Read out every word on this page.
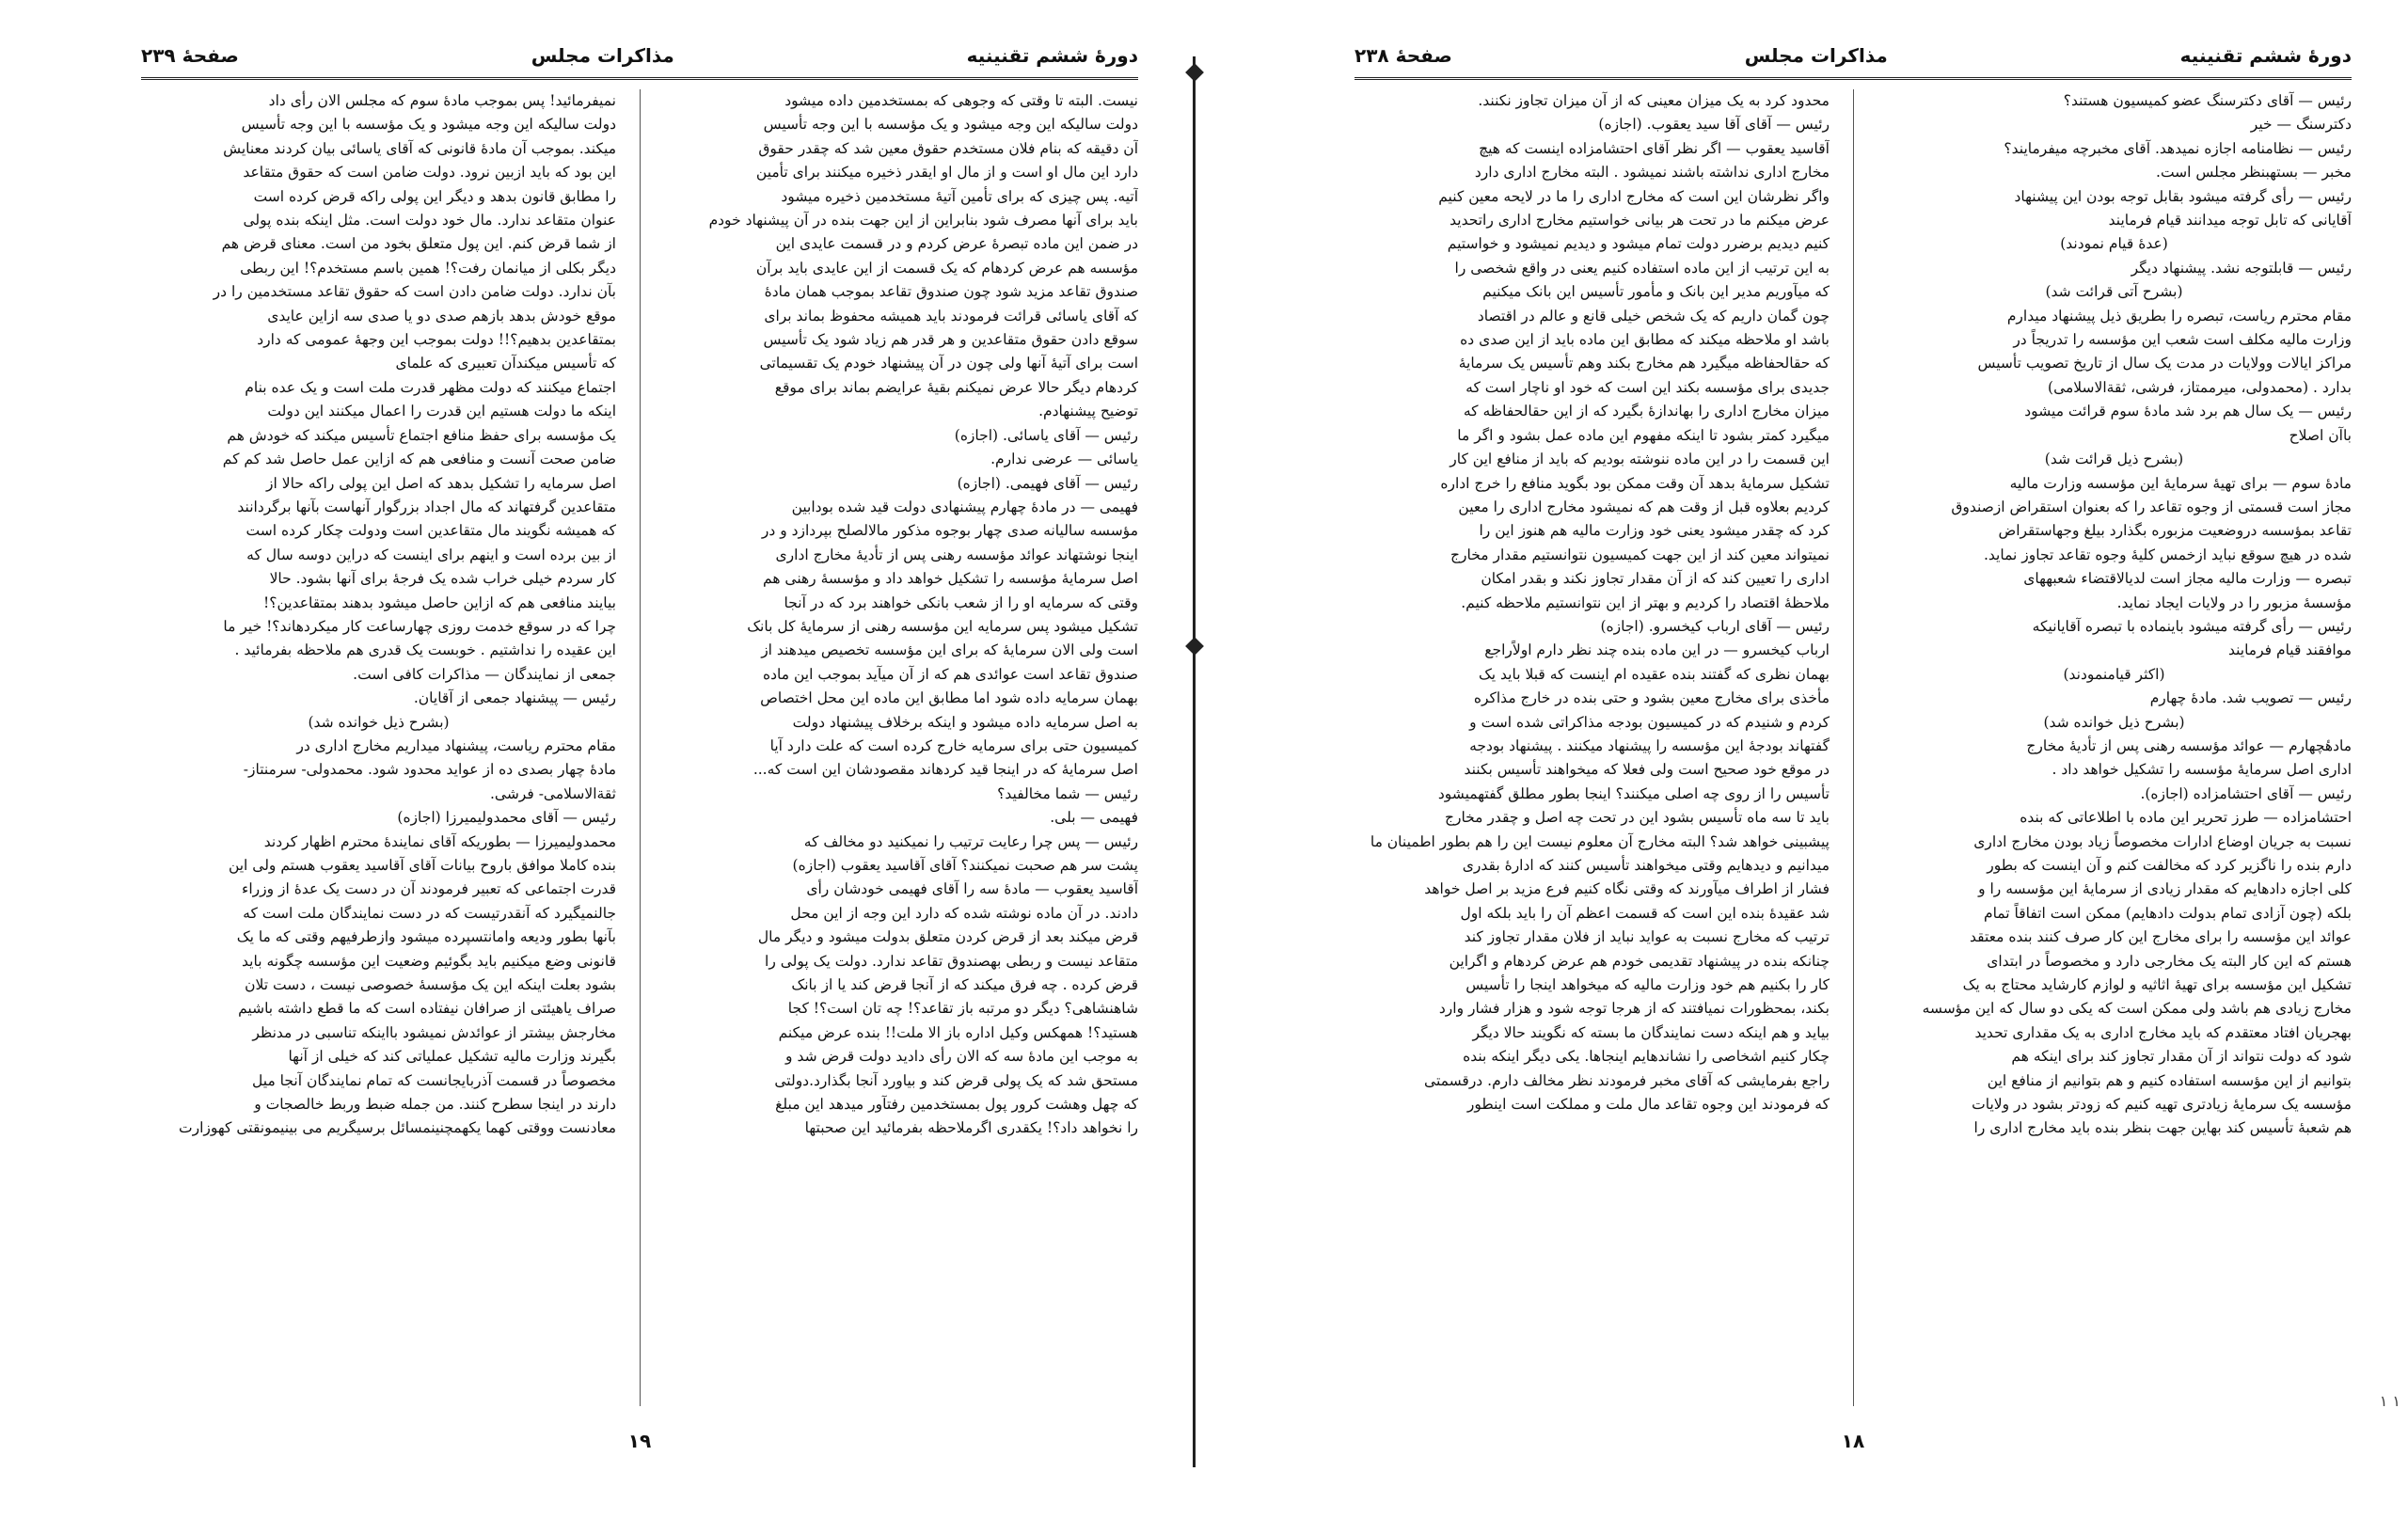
دورهٔ ششم تقنینیه
مذاکرات مجلس
صفحهٔ ۲۳۹

نیست. البته تا وقتی که وجوهی که بمستخدمین داده میشود

دولت سالیکه این وجه میشود و یک مؤسسه با این وجه تأسیس

آن دقیقه که بنام فلان مستخدم حقوق معین شد که چقدر حقوق

دارد این مال او است و از مال او ایقدر ذخیره میکنند برای تأمین

آتیه. پس چیزی که برای تأمین آتیهٔ مستخدمین ذخیره میشود

باید برای آنها مصرف شود بنابراین از این جهت بنده در آن پیشنهاد خودم

در ضمن این ماده تبصرهٔ عرض کردم و در قسمت عایدی این

مؤسسه هم عرض کردهام که یک قسمت از این عایدی باید برآن

صندوق تقاعد مزید شود چون صندوق تقاعد بموجب همان مادهٔ

که آقای یاسائی قرائت فرمودند باید همیشه محفوظ بماند برای

سوقع دادن حقوق متقاعدین و هر قدر هم زیاد شود یک تأسیس

است برای آتیهٔ آنها ولی چون در آن پیشنهاد خودم یک تقسیماتی

کردهام دیگر حالا عرض نمیکنم بقیهٔ عرایضم بماند برای موقع

توضیح پیشنهادم.

رئیس — آقای یاسائی. (اجازه)

یاسائی — عرضی ندارم.

رئیس — آقای فهیمی. (اجازه)

فهیمی — در مادهٔ چهارم پیشنهادی دولت قید شده بودابین

مؤسسه سالیانه صدی چهار بوجوه مذکور مالالصلح بپردازد و در

اینجا نوشتهاند عوائد مؤسسه رهنی پس از تأدیهٔ مخارج اداری

اصل سرمایهٔ مؤسسه را تشکیل خواهد داد و مؤسسهٔ رهنی هم

وقتی که سرمایه او را از شعب بانکی خواهند برد که در آنجا

تشکیل میشود پس سرمایه این مؤسسه رهنی از سرمایهٔ کل بانک

است ولی الان سرمایهٔ که برای این مؤسسه تخصیص میدهند از

صندوق تقاعد است عوائدی هم که از آن میآید بموجب این ماده

بهمان سرمایه داده شود اما مطابق این ماده این محل اختصاص

به اصل سرمایه داده میشود و اینکه برخلاف پیشنهاد دولت

کمیسیون حتی برای سرمایه خارج کرده است که علت دارد آیا

اصل سرمایهٔ که در اینجا قید کردهاند مقصودشان این است که...

رئیس — شما مخالفید؟

فهیمی — بلی.

رئیس — پس چرا رعایت ترتیب را نمیکنید دو مخالف که

پشت سر هم صحبت نمیکنند؟ آقای آقاسید یعقوب (اجازه)

آقاسید یعقوب — مادهٔ سه را آقای فهیمی خودشان رأی

دادند. در آن ماده نوشته شده که دارد این وجه از این محل

قرض میکند بعد از قرض کردن متعلق بدولت میشود و دیگر مال

متقاعد نیست و ربطی بهصندوق تقاعد ندارد. دولت یک پولی را

قرض کرده . چه فرق میکند که از آنجا قرض کند یا از بانک

شاهنشاهی؟ دیگر دو مرتبه باز تقاعد؟! چه تان است؟! کجا

هستید؟! همهکس وکیل اداره باز الا ملت!! بنده عرض میکنم

به موجب این مادهٔ سه که الان رأی دادید دولت قرض شد و

مستحق شد که یک پولی قرض کند و بیاورد آنجا بگذارد.دولتی

که چهل وهشت کرور پول بمستخدمین رفتآور میدهد این مبلغ

را نخواهد داد؟! یکقدری اگرملاحظه بفرمائید این صحبتها

نمیفرمائید! پس بموجب مادهٔ سوم که مجلس الان رأی داد

دولت سالیکه این وجه میشود و یک مؤسسه با این وجه تأسیس

میکند. بموجب آن مادهٔ قانونی که آقای یاسائی بیان کردند معنایش

این بود که باید ازبین نرود. دولت ضامن است که حقوق متقاعد

را مطابق قانون بدهد و دیگر این پولی راکه قرض کرده است

عنوان متقاعد ندارد. مال خود دولت است. مثل اینکه بنده پولی

از شما قرض کنم. این پول متعلق بخود من است. معنای قرض هم

دیگر بکلی از میانمان رفت؟! همین باسم مستخدم؟! این ربطی

بآن ندارد. دولت ضامن دادن است که حقوق تقاعد مستخدمین را در

موقع خودش بدهد بازهم صدی دو یا صدی سه ازاین عایدی

بمتقاعدین بدهیم؟!! دولت بموجب این وجههٔ عمومی که دارد

که تأسیس میکندآن تعبیری که علمای

اجتماع میکنند که دولت مظهر قدرت ملت است و یک عده بنام

اینکه ما دولت هستیم این قدرت را اعمال میکنند این دولت

یک مؤسسه برای حفظ منافع اجتماع تأسیس میکند که خودش هم

ضامن صحت آنست و منافعی هم که ازاین عمل حاصل شد کم کم

اصل سرمایه را تشکیل بدهد که اصل این پولی راکه حالا از

متقاعدین گرفتهاند که مال اجداد بزرگوار آنهاست بآنها برگردانند

که همیشه نگویند مال متقاعدین است ودولت چکار کرده است

از بین برده است و اینهم برای اینست که دراین دوسه سال که

کار سردم خیلی خراب شده یک فرجهٔ برای آنها بشود. حالا

بیایند منافعی هم که ازاین حاصل میشود بدهند بمتقاعدین؟!

چرا که در سوقع خدمت روزی چهارساعت کار میکردهاند؟! خیر ما

این عقیده را نداشتیم . خوبست یک قدری هم ملاحظه بفرمائید .

جمعی از نمایندگان — مذاکرات کافی است.

رئیس — پیشنهاد جمعی از آقایان.

(بشرح ذیل خوانده شد)

مقام محترم ریاست، پیشنهاد میداریم مخارج اداری در

مادهٔ چهار بصدی ده از عواید محدود شود. محمدولی- سرمنتاز-

ثقةالاسلامی- فرشی.

رئیس — آقای محمدولیمیرزا (اجازه)

محمدولیمیرزا — بطوریکه آقای نمایندهٔ محترم اظهار کردند

بنده کاملا موافق باروح بیانات آقای آقاسید یعقوب هستم ولی این

قدرت اجتماعی که تعبیر فرمودند آن در دست یک عدهٔ از وزراء

جالنمیگیرد که آنقدرتیست که در دست نمایندگان ملت است که

بآنها بطور ودیعه وامانتسپرده میشود وازطرفیهم وقتی که ما یک

قانونی وضع میکنیم باید بگوئیم وضعیت این مؤسسه چگونه باید

بشود بعلت اینکه این یک مؤسسهٔ خصوصی نیست ، دست تلان

صراف یاهیئتی از صرافان نیفتاده است که ما قطع داشته باشیم

مخارجش بیشتر از عوائدش نمیشود بااینکه تناسبی در مدنظر

بگیرند وزارت مالیه تشکیل عملیاتی کند که خیلی از آنها

مخصوصاً در قسمت آذربایجانست که تمام نمایندگان آنجا میل

دارند در اینجا سطرح کنند. من جمله ضبط وربط خالصجات و

معادنست ووقتی کهما یکهمچنینمسائل برسیگریم می بینیمونقتی کهوزارت

۱۹
دورهٔ ششم تقنینیه
مذاکرات مجلس
صفحهٔ ۲۳۸

رئیس — آقای دکترسنگ عضو کمیسیون هستند؟

دکترسنگ — خیر

رئیس — نظامنامه اجازه نمیدهد. آقای مخبرچه میفرمایند؟

مخبر — بستهبنظر مجلس است.

رئیس — رأی گرفته میشود بقابل توجه بودن این پیشنهاد

آقایانی که تابل توجه میدانند قیام فرمایند

(عدهٔ قیام نمودند)

رئیس — قابلتوجه نشد. پیشنهاد دیگر

(بشرح آتی قرائت شد)

مقام محترم ریاست، تبصره را بطریق ذیل پیشنهاد میدارم

وزارت مالیه مکلف است شعب این مؤسسه را تدریجاً در

مراکز ایالات وولایات در مدت یک سال از تاریخ تصویب تأسیس

بدارد . (محمدولی، میرممتاز، فرشی، ثقةالاسلامی)

رئیس — یک سال هم برد شد مادهٔ سوم قرائت میشود

باآن اصلاح

(بشرح ذیل قرائت شد)

مادهٔ سوم — برای تهیهٔ سرمایهٔ این مؤسسه وزارت مالیه

مجاز است قسمتی از وجوه تقاعد را که بعنوان استقراض ازصندوق

تقاعد بمؤسسه دروضعیت مزبوره بگذارد بیلغ وجهاستقراض

شده در هیچ سوقع نباید ازخمس کلیهٔ وجوه تقاعد تجاوز نماید.

تبصره — وزارت مالیه مجاز است لدیالاقتضاء شعبههای

مؤسسهٔ مزبور را در ولایات ایجاد نماید.

رئیس — رأی گرفته میشود باینماده با تبصره آقایانیکه

موافقند قیام فرمایند

(اکثر قیامنمودند)

رئیس — تصویب شد. مادهٔ چهارم

(بشرح ذیل خوانده شد)

مادهٔچهارم — عوائد مؤسسه رهنی پس از تأدیهٔ مخارج

اداری اصل سرمایهٔ مؤسسه را تشکیل خواهد داد .

رئیس — آقای احتشامزاده (اجازه).

احتشامزاده — طرز تحریر این ماده با اطلاعاتی که بنده

نسبت به جریان اوضاع ادارات مخصوصاً زیاد بودن مخارج اداری

دارم بنده را ناگزیر کرد که مخالفت کنم و آن اینست که بطور

کلی اجازه دادهایم که مقدار زیادی از سرمایهٔ این مؤسسه را و

بلکه (چون آزادی تمام بدولت دادهایم) ممکن است اتفاقاً تمام

عوائد این مؤسسه را برای مخارج این کار صرف کنند بنده معتقد

هستم که این کار البته یک مخارجی دارد و مخصوصاً در ابتدای

تشکیل این مؤسسه برای تهیهٔ اثاثیه و لوازم کارشاید محتاج به یک

مخارج زیادی هم باشد ولی ممکن است که یکی دو سال که این مؤسسه

بهجریان افتاد معتقدم که باید مخارج اداری به یک مقداری تحدید

شود که دولت نتواند از آن مقدار تجاوز کند برای اینکه هم

بتوانیم از این مؤسسه استفاده کنیم و هم بتوانیم از منافع این

مؤسسه یک سرمایهٔ زیادتری تهیه کنیم که زودتر بشود در ولایات

هم شعبهٔ تأسیس کند بهاین جهت بنظر بنده باید مخارج اداری را

محدود کرد به یک میزان معینی که از آن میزان تجاوز نکنند.

رئیس — آقای آقا سید یعقوب. (اجازه)

آقاسید یعقوب — اگر نظر آقای احتشامزاده اینست که هیچ

مخارج اداری نداشته باشند نمیشود . البته مخارج اداری دارد

واگر نظرشان این است که مخارج اداری را ما در لایحه معین کنیم

عرض میکنم ما در تحت هر بیانی خواستیم مخارج اداری راتحدید

کنیم دیدیم برضرر دولت تمام میشود و دیدیم نمیشود و خواستیم

به این ترتیب از این ماده استفاده کنیم یعنی در واقع شخصی را

که میآوریم مدیر این بانک و مأمور تأسیس این بانک میکنیم

چون گمان داریم که یک شخص خیلی قانع و عالم در اقتصاد

باشد او ملاحظه میکند که مطابق این ماده باید از این صدی ده

که حقالحفاظه میگیرد هم مخارج بکند وهم تأسیس یک سرمایهٔ

جدیدی برای مؤسسه بکند این است که خود او ناچار است که

میزان مخارج اداری را بهاندازهٔ بگیرد که از این حقالحفاظه که

میگیرد کمتر بشود تا اینکه مفهوم این ماده عمل بشود و اگر ما

این قسمت را در این ماده ننوشته بودیم که باید از منافع این کار

تشکیل سرمایهٔ بدهد آن وقت ممکن بود بگوید منافع را خرج اداره

کردیم بعلاوه قبل از وقت هم که نمیشود مخارج اداری را معین

کرد که چقدر میشود یعنی خود وزارت مالیه هم هنوز این را

نمیتواند معین کند از این جهت کمیسیون نتوانستیم مقدار مخارج

اداری را تعیین کند که از آن مقدار تجاوز نکند و بقدر امکان

ملاحظهٔ اقتصاد را کردیم و بهتر از این نتوانستیم ملاحظه کنیم.

رئیس — آقای ارباب کیخسرو. (اجازه)

ارباب کیخسرو — در این ماده بنده چند نظر دارم اولاًراجع

بهمان نظری که گفتند بنده عقیده ام اینست که قبلا باید یک

مأخذی برای مخارج معین بشود و حتی بنده در خارج مذاکره

کردم و شنیدم که در کمیسیون بودجه مذاکراتی شده است و

گفتهاند بودجهٔ این مؤسسه را پیشنهاد میکنند . پیشنهاد بودجه

در موقع خود صحیح است ولی فعلا که میخواهند تأسیس بکنند

تأسیس را از روی چه اصلی میکنند؟ اینجا بطور مطلق گفتهمیشود

باید تا سه ماه تأسیس بشود این در تحت چه اصل و چقدر مخارج

پیشبینی خواهد شد؟ البته مخارج آن معلوم نیست این را هم بطور اطمینان ما

میدانیم و دیدهایم وقتی میخواهند تأسیس کنند که ادارهٔ بقدری

فشار از اطراف میآورند که وقتی نگاه کنیم فرع مزید بر اصل خواهد

شد عقیدهٔ بنده این است که قسمت اعظم آن را باید بلکه اول

ترتیب که مخارج نسبت به عواید نباید از فلان مقدار تجاوز کند

چنانکه بنده در پیشنهاد تقدیمی خودم هم عرض کردهام و اگراین

کار را بکنیم هم خود وزارت مالیه که میخواهد اینجا را تأسیس

بکند، بمحظورات نمیافتند که از هرجا توجه شود و هزار فشار وارد

بیاید و هم اینکه دست نمایندگان ما بسته که نگویند حالا دیگر

چکار کنیم اشخاصی را نشاندهایم اینجاها. یکی دیگر اینکه بنده

راجع بفرمایشی که آقای مخبر فرمودند نظر مخالف دارم. درقسمتی

که فرمودند این وجوه تقاعد مال ملت و مملکت است اینطور

۱۸
۱ ۱
